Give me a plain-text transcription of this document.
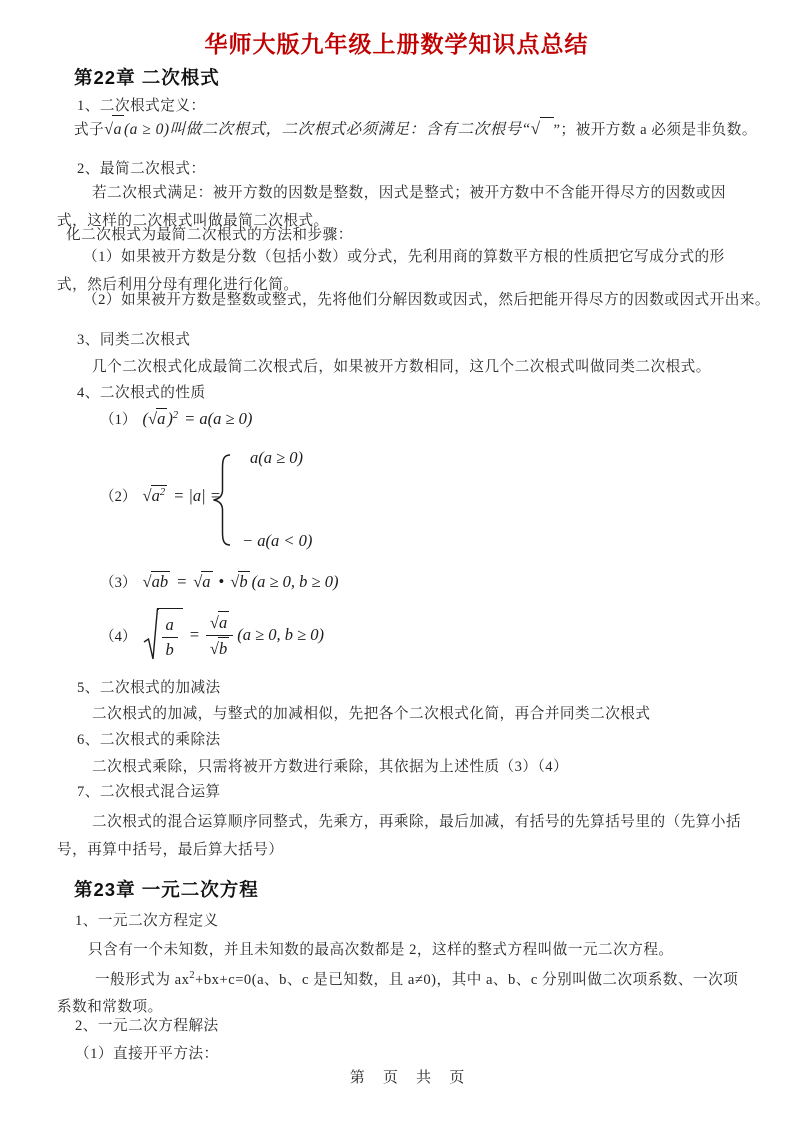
华师大版九年级上册数学知识点总结
第22章 二次根式
1、二次根式定义：
式子√a (a ≥ 0)叫做二次根式，二次根式必须满足：含有二次根号“√ ”；被开方数 a 必须是非负数。
2、最简二次根式：
若二次根式满足：被开方数的因数是整数，因式是整式；被开方数中不含能开得尽方的因数或因式，这样的二次根式叫做最简二次根式。
化二次根式为最简二次根式的方法和步骤：
（1）如果被开方数是分数（包括小数）或分式，先利用商的算数平方根的性质把它写成分式的形式，然后利用分母有理化进行化简。
（2）如果被开方数是整数或整式，先将他们分解因数或因式，然后把能开得尽方的因数或因式开出来。
3、同类二次根式
几个二次根式化成最简二次根式后，如果被开方数相同，这几个二次根式叫做同类二次根式。
4、二次根式的性质
（1） (√a )$^2$ = a(a ≥ 0)
（2） $√a^2 = |a|$ =
a(a ≥ 0)
− a(a < 0)
（3） √ab = √a • √b (a ≥ 0, b ≥ 0)
$(4) \frac{a}{b} = \frac{√a}{√b} (a \ge 0$, b ≥ 0)
5、二次根式的加减法
二次根式的加减，与整式的加减相似，先把各个二次根式化简，再合并同类二次根式
6、二次根式的乘除法
二次根式乘除，只需将被开方数进行乘除，其依据为上述性质（3）（4）
7、二次根式混合运算
二次根式的混合运算顺序同整式，先乘方，再乘除，最后加减，有括号的先算括号里的（先算小括号，再算中括号，最后算大括号）
第23章 一元二次方程
1、一元二次方程定义
只含有一个未知数，并且未知数的最高次数都是 2，这样的整式方程叫做一元二次方程。
一般形式为 $ax^2+bx+c=0(a$、b、c 是已知数，且 a≠0)，其中 a、b、c 分别叫做二次项系数、一次项系数和常数项。
2、一元二次方程解法
（1）直接开平方法：
第 页 共 页
